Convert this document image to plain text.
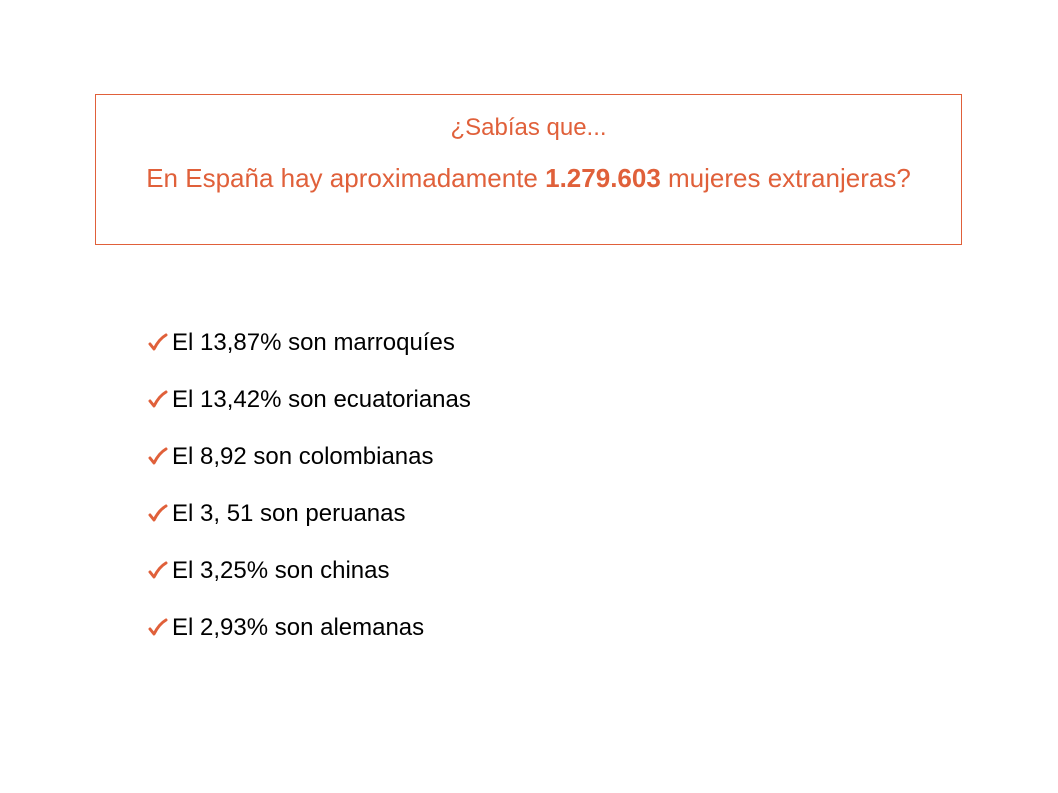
¿Sabías que...
En España hay aproximadamente 1.279.603 mujeres extranjeras?
El 13,87% son marroquíes
El 13,42% son ecuatorianas
El 8,92 son colombianas
El 3, 51 son peruanas
El 3,25% son chinas
El 2,93% son alemanas
